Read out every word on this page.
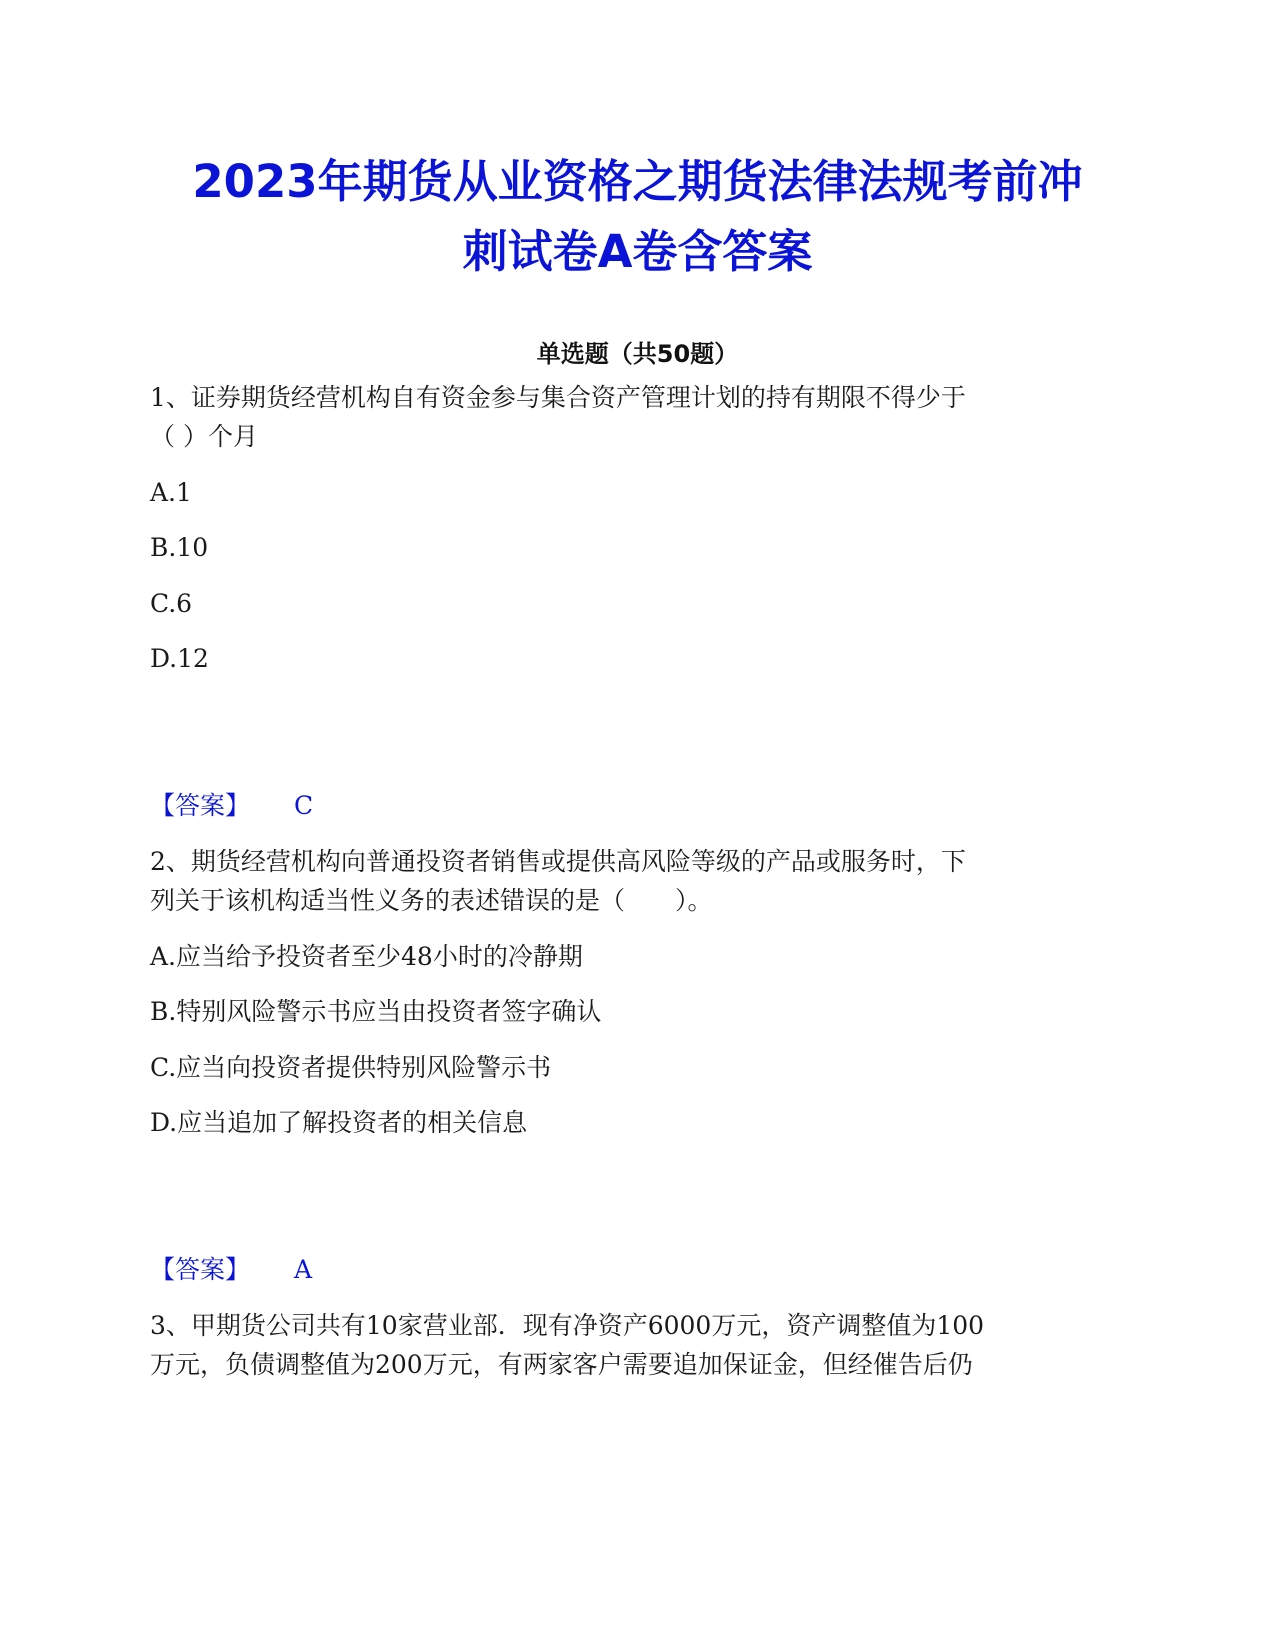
2023年期货从业资格之期货法律法规考前冲
刺试卷A卷含答案
单选题（共50题）
1、证券期货经营机构自有资金参与集合资产管理计划的持有期限不得少于
（ ）个月
A.1
B.10
C.6
D.12
【答案】 C
2、期货经营机构向普通投资者销售或提供高风险等级的产品或服务时，下
列关于该机构适当性义务的表述错误的是（　　）。
A.应当给予投资者至少48小时的冷静期
B.特别风险警示书应当由投资者签字确认
C.应当向投资者提供特别风险警示书
D.应当追加了解投资者的相关信息
【答案】 A
3、甲期货公司共有10家营业部．现有净资产6000万元，资产调整值为100
万元，负债调整值为200万元，有两家客户需要追加保证金，但经催告后仍
